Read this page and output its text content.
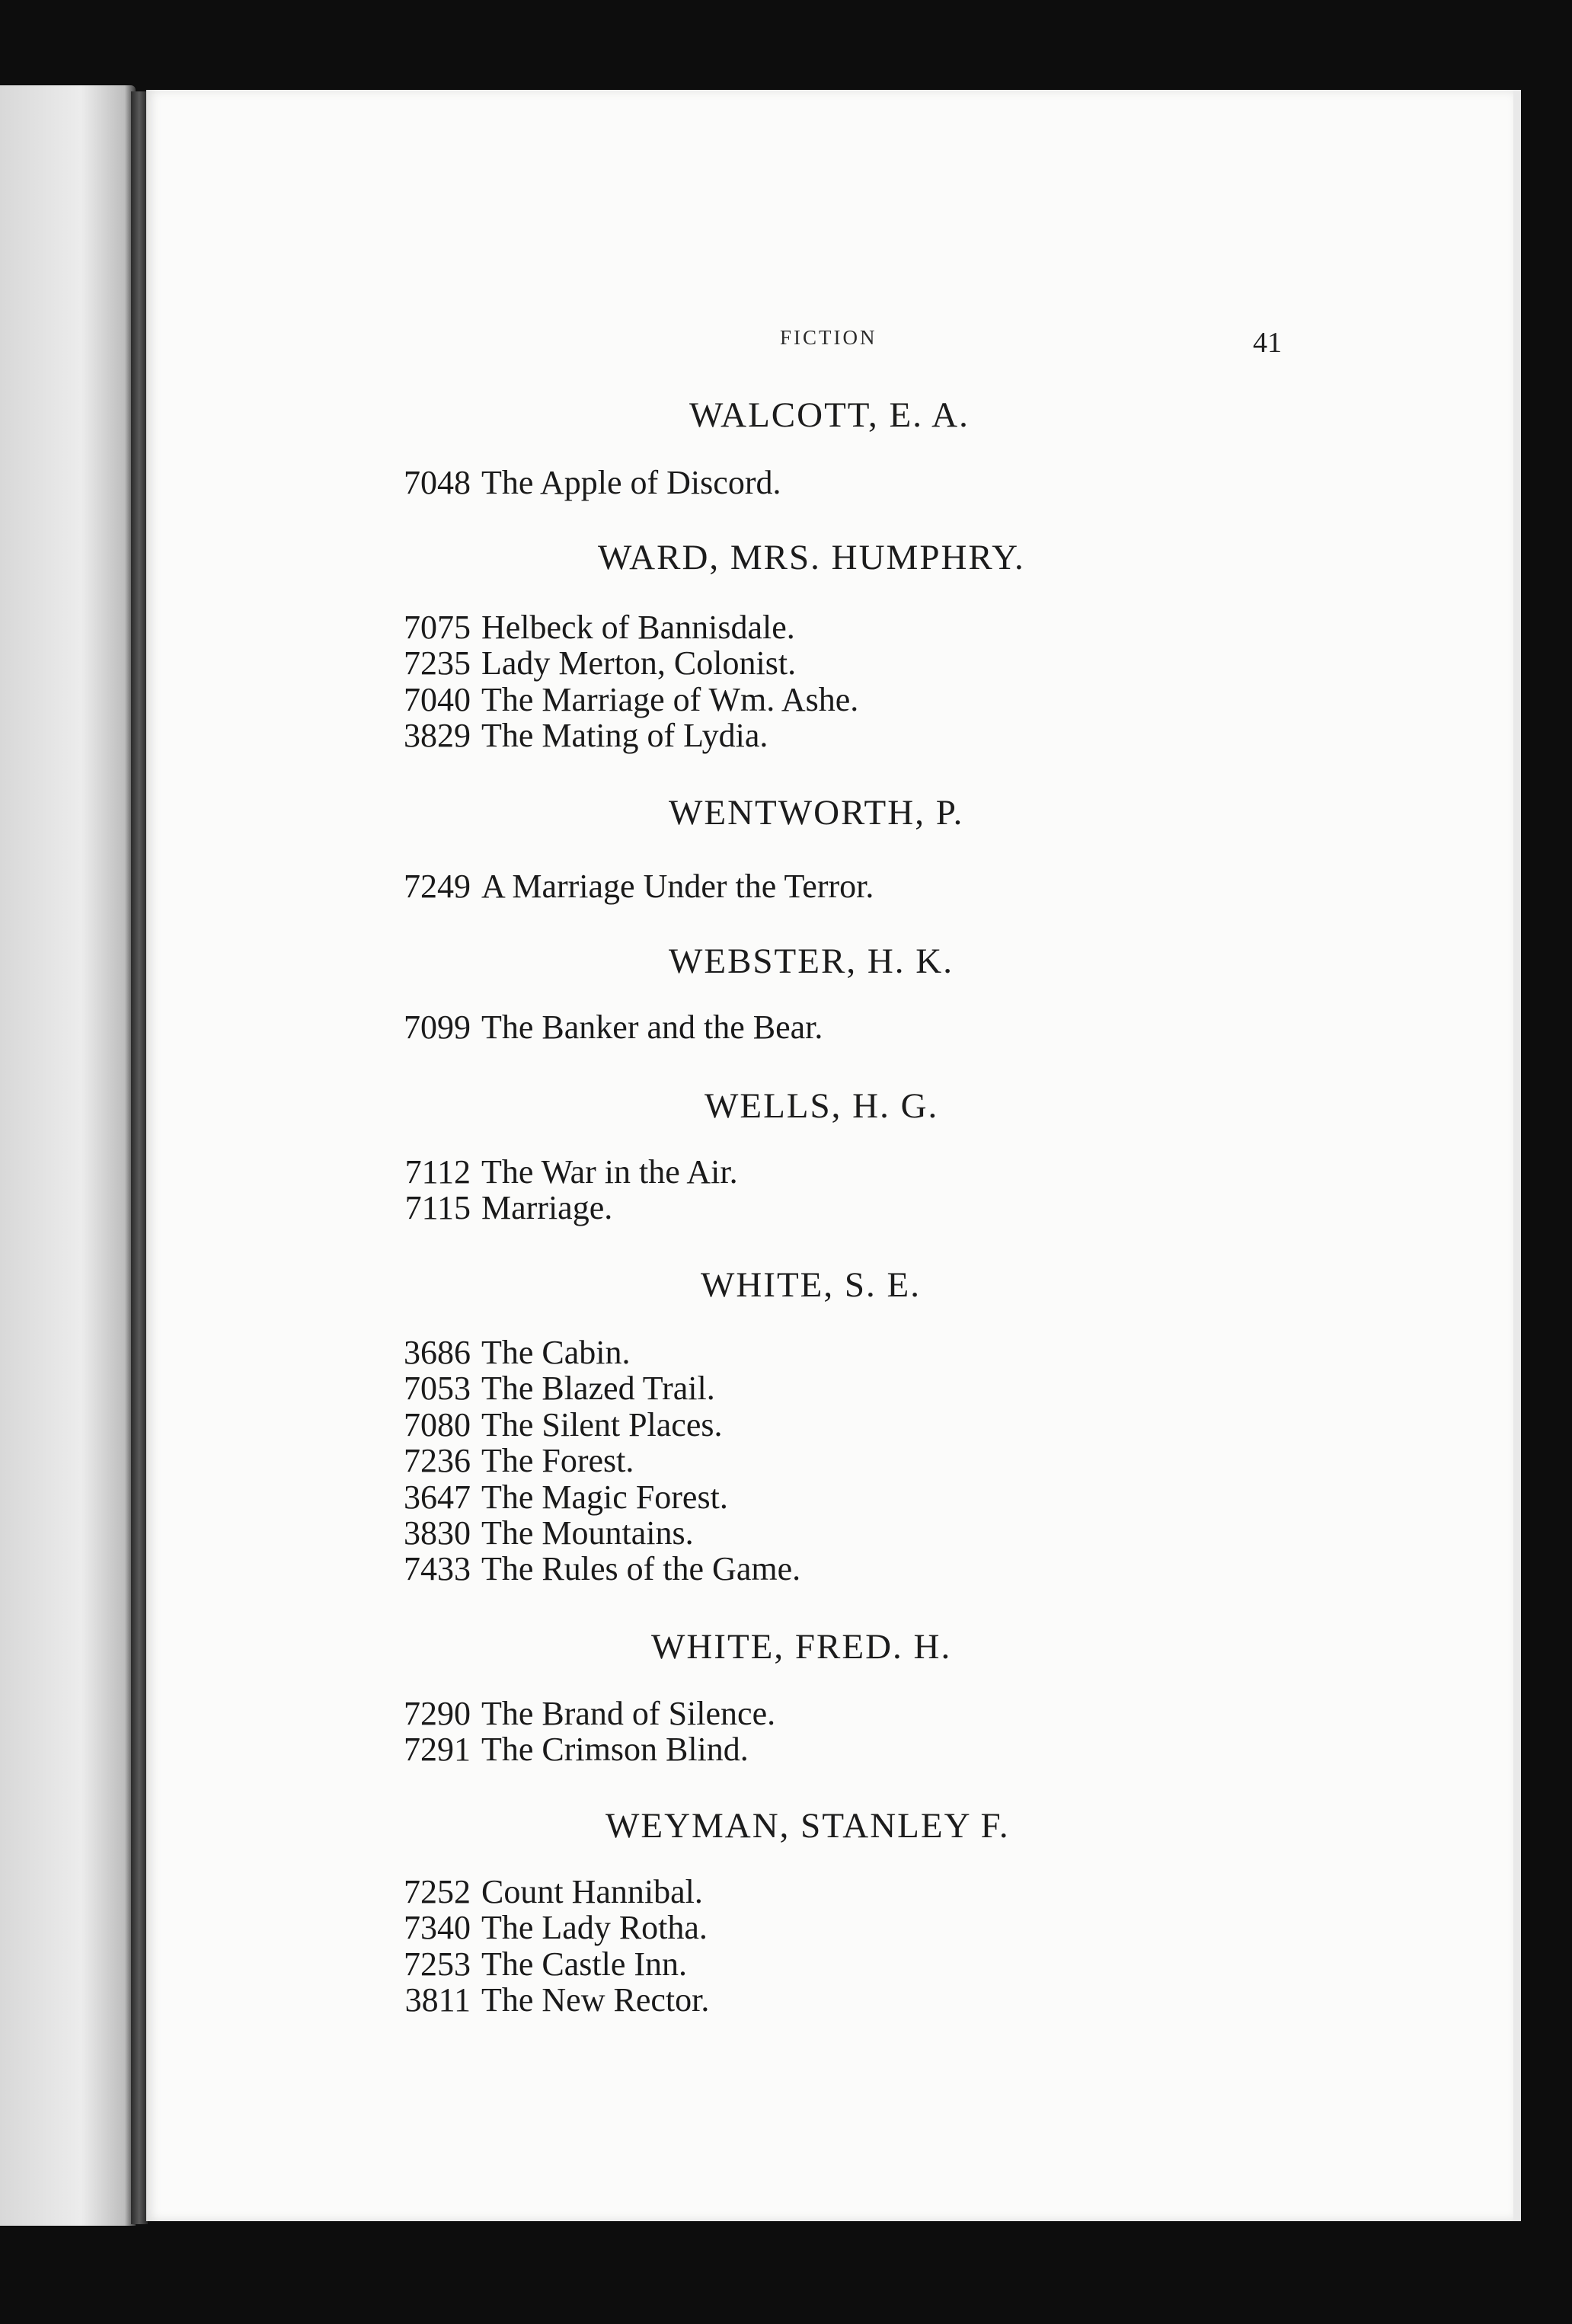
FICTION	41
WALCOTT, E. A.
7048 The Apple of Discord.
WARD, MRS. HUMPHRY.
7075 Helbeck of Bannisdale.
7235 Lady Merton, Colonist.
7040 The Marriage of Wm. Ashe.
3829 The Mating of Lydia.
WENTWORTH, P.
7249 A Marriage Under the Terror.
WEBSTER, H. K.
7099 The Banker and the Bear.
WELLS, H. G.
7112 The War in the Air.
7115 Marriage.
WHITE, S. E.
3686 The Cabin.
7053 The Blazed Trail.
7080 The Silent Places.
7236 The Forest.
3647 The Magic Forest.
3830 The Mountains.
7433 The Rules of the Game.
WHITE, FRED. H.
7290 The Brand of Silence.
7291 The Crimson Blind.
WEYMAN, STANLEY F.
7252 Count Hannibal.
7340 The Lady Rotha.
7253 The Castle Inn.
3811 The New Rector.
